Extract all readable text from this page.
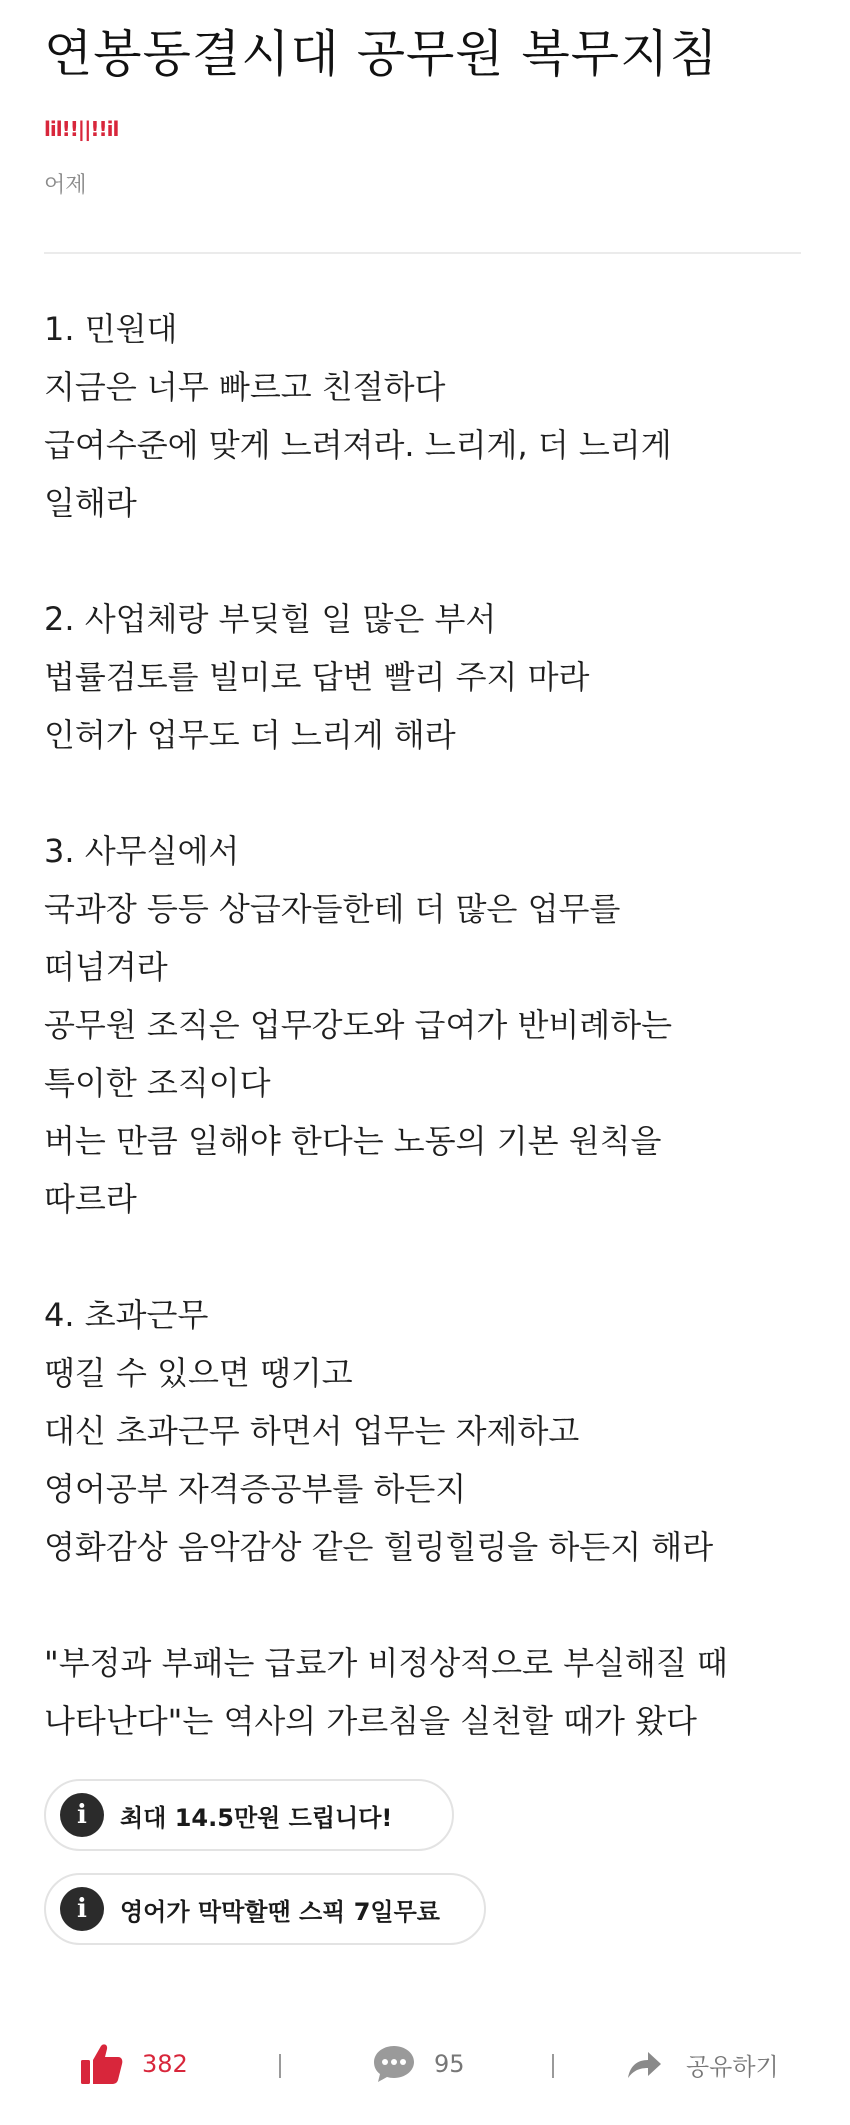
연봉동결시대 공무원 복무지침
lil!!||!!il
어제
1. 민원대
지금은 너무 빠르고 친절하다
급여수준에 맞게 느려져라. 느리게, 더 느리게
일해라
2. 사업체랑 부딪힐 일 많은 부서
법률검토를 빌미로 답변 빨리 주지 마라
인허가 업무도 더 느리게 해라
3. 사무실에서
국과장 등등 상급자들한테 더 많은 업무를
떠넘겨라
공무원 조직은 업무강도와 급여가 반비례하는
특이한 조직이다
버는 만큼 일해야 한다는 노동의 기본 원칙을
따르라
4. 초과근무
땡길 수 있으면 땡기고
대신 초과근무 하면서 업무는 자제하고
영어공부 자격증공부를 하든지
영화감상 음악감상 같은 힐링힐링을 하든지 해라
"부정과 부패는 급료가 비정상적으로 부실해질 때
나타난다"는 역사의 가르침을 실천할 때가 왔다
i	최대 14.5만원 드립니다!
i	영어가 막막할땐 스픽 7일무료
382	95	공유하기
